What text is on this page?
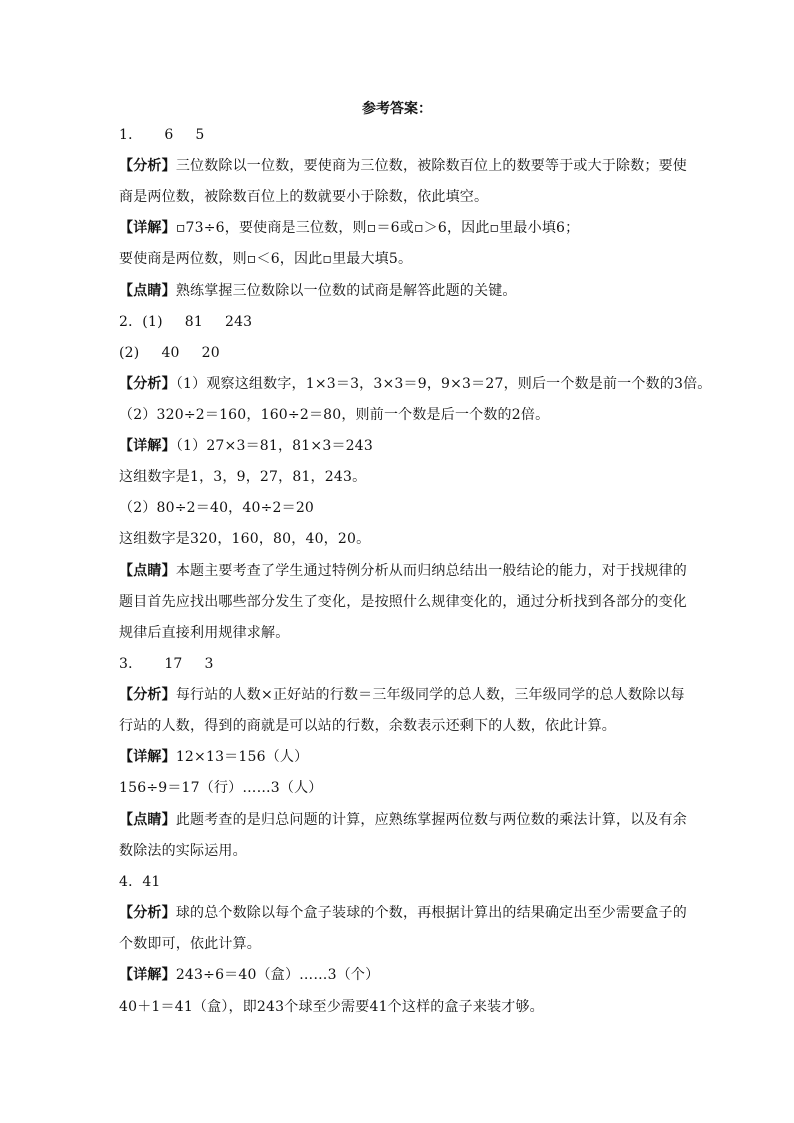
参考答案：
1． 6 5
【分析】三位数除以一位数，要使商为三位数，被除数百位上的数要等于或大于除数；要使
商是两位数，被除数百位上的数就要小于除数，依此填空。
【详解】▫73÷6，要使商是三位数，则▫＝6或▫＞6，因此▫里最小填6；
要使商是两位数，则▫＜6，因此▫里最大填5。
【点睛】熟练掌握三位数除以一位数的试商是解答此题的关键。
2．(1) 81 243
(2) 40 20
【分析】（1）观察这组数字，1×3＝3，3×3＝9，9×3＝27，则后一个数是前一个数的3倍。
（2）320÷2＝160，160÷2＝80，则前一个数是后一个数的2倍。
【详解】（1）27×3＝81，81×3＝243
这组数字是1，3，9，27，81，243。
（2）80÷2＝40，40÷2＝20
这组数字是320，160，80，40，20。
【点睛】本题主要考查了学生通过特例分析从而归纳总结出一般结论的能力，对于找规律的
题目首先应找出哪些部分发生了变化，是按照什么规律变化的，通过分析找到各部分的变化
规律后直接利用规律求解。
3． 17 3
【分析】每行站的人数×正好站的行数＝三年级同学的总人数，三年级同学的总人数除以每
行站的人数，得到的商就是可以站的行数，余数表示还剩下的人数，依此计算。
【详解】12×13＝156（人）
156÷9＝17（行）……3（人）
【点睛】此题考查的是归总问题的计算，应熟练掌握两位数与两位数的乘法计算，以及有余
数除法的实际运用。
4．41
【分析】球的总个数除以每个盒子装球的个数，再根据计算出的结果确定出至少需要盒子的
个数即可，依此计算。
【详解】243÷6＝40（盒）……3（个）
40＋1＝41（盒），即243个球至少需要41个这样的盒子来装才够。
